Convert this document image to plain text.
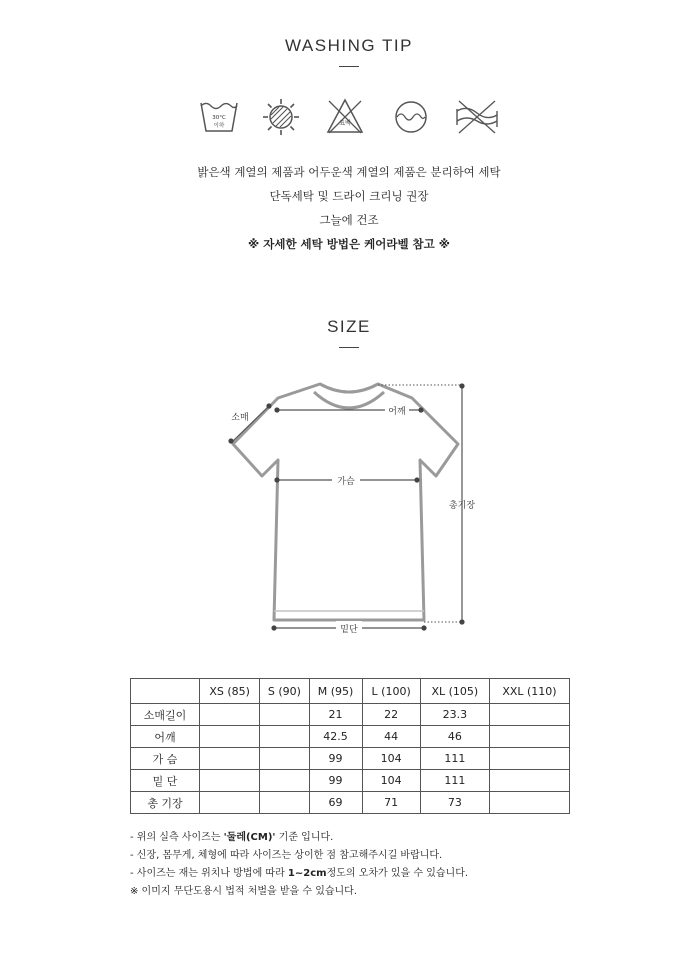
WASHING TIP
30°C
이하	표백
밝은색 계열의 제품과 어두운색 계열의 제품은 분리하여 세탁
단독세탁 및 드라이 크리닝 권장
그늘에 건조
※ 자세한 세탁 방법은 케어라벨 참고 ※
SIZE
어깨
가슴
밑단
소매
총기장
	XS (85)	S (90)	M (95)	L (100)	XL (105)	XXL (110)
소매길이			21	22	23.3	
어깨			42.5	44	46	
가 슴			99	104	111	
밑 단			99	104	111	
총 기장			69	71	73	
- 위의 실측 사이즈는 '둘레(CM)' 기준 입니다.
- 신장, 몸무게, 체형에 따라 사이즈는 상이한 점 참고해주시길 바랍니다.
- 사이즈는 재는 위치나 방법에 따라 1~2cm정도의 오차가 있을 수 있습니다.
※ 이미지 무단도용시 법적 처벌을 받을 수 있습니다.
